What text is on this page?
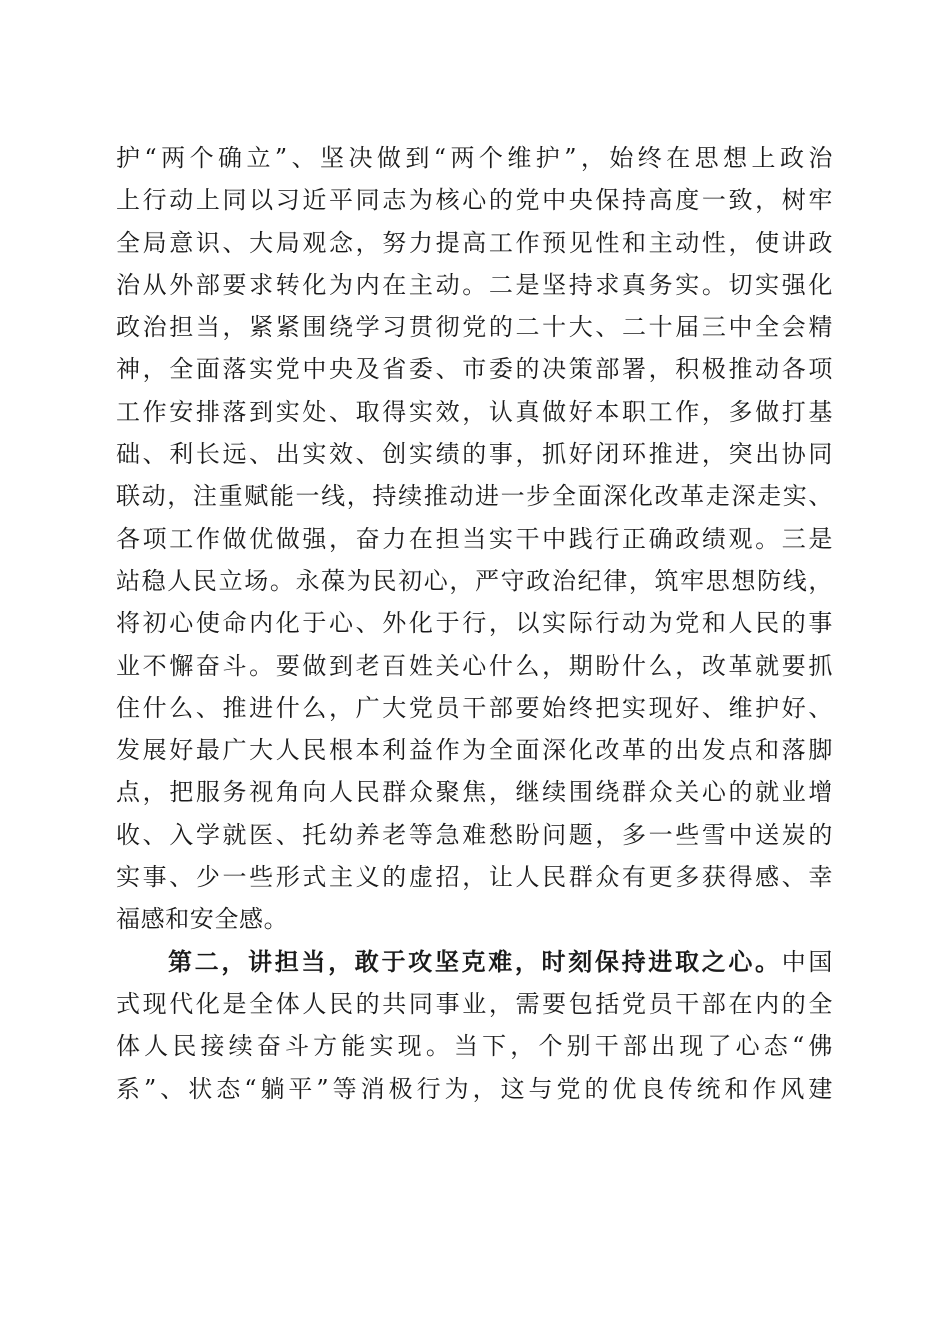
护“两个确立”、坚决做到“两个维护”，始终在思想上政治
上行动上同以习近平同志为核心的党中央保持高度一致，树牢
全局意识、大局观念，努力提高工作预见性和主动性，使讲政
治从外部要求转化为内在主动。二是坚持求真务实。切实强化
政治担当，紧紧围绕学习贯彻党的二十大、二十届三中全会精
神，全面落实党中央及省委、市委的决策部署，积极推动各项
工作安排落到实处、取得实效，认真做好本职工作，多做打基
础、利长远、出实效、创实绩的事，抓好闭环推进，突出协同
联动，注重赋能一线，持续推动进一步全面深化改革走深走实、
各项工作做优做强，奋力在担当实干中践行正确政绩观。三是
站稳人民立场。永葆为民初心，严守政治纪律，筑牢思想防线，
将初心使命内化于心、外化于行，以实际行动为党和人民的事
业不懈奋斗。要做到老百姓关心什么，期盼什么，改革就要抓
住什么、推进什么，广大党员干部要始终把实现好、维护好、
发展好最广大人民根本利益作为全面深化改革的出发点和落脚
点，把服务视角向人民群众聚焦，继续围绕群众关心的就业增
收、入学就医、托幼养老等急难愁盼问题，多一些雪中送炭的
实事、少一些形式主义的虚招，让人民群众有更多获得感、幸
福感和安全感。
第二，讲担当，敢于攻坚克难，时刻保持进取之心。中国
式现代化是全体人民的共同事业，需要包括党员干部在内的全
体人民接续奋斗方能实现。当下，个别干部出现了心态“佛
系”、状态“躺平”等消极行为，这与党的优良传统和作风建
